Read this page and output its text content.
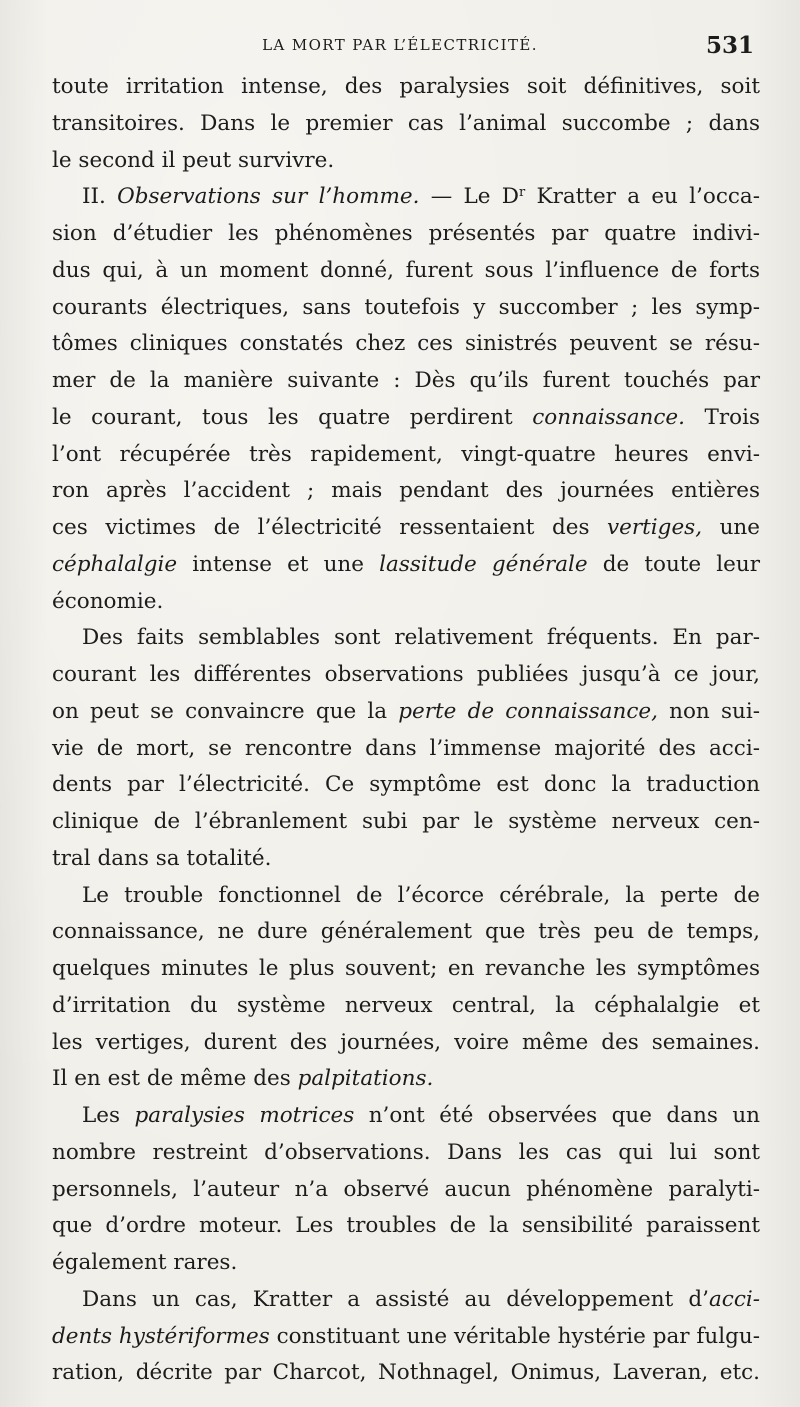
LA MORT PAR L’ÉLECTRICITÉ.	531
toute irritation intense, des paralysies soit définitives, soit
transitoires. Dans le premier cas l’animal succombe ; dans
le second il peut survivre.
II. Observations sur l’homme. — Le $D^r$ Kratter a eu l’occa-
sion d’étudier les phénomènes présentés par quatre indivi-
dus qui, à un moment donné, furent sous l’influence de forts
courants électriques, sans toutefois y succomber ; les symp-
tômes cliniques constatés chez ces sinistrés peuvent se résu-
mer de la manière suivante : Dès qu’ils furent touchés par
le courant, tous les quatre perdirent connaissance. Trois
l’ont récupérée très rapidement, vingt-quatre heures envi-
ron après l’accident ; mais pendant des journées entières
ces victimes de l’électricité ressentaient des vertiges, une
céphalalgie intense et une lassitude générale de toute leur
économie.
Des faits semblables sont relativement fréquents. En par-
courant les différentes observations publiées jusqu’à ce jour,
on peut se convaincre que la perte de connaissance, non sui-
vie de mort, se rencontre dans l’immense majorité des acci-
dents par l’électricité. Ce symptôme est donc la traduction
clinique de l’ébranlement subi par le système nerveux cen-
tral dans sa totalité.
Le trouble fonctionnel de l’écorce cérébrale, la perte de
connaissance, ne dure généralement que très peu de temps,
quelques minutes le plus souvent; en revanche les symptômes
d’irritation du système nerveux central, la céphalalgie et
les vertiges, durent des journées, voire même des semaines.
Il en est de même des palpitations.
Les paralysies motrices n’ont été observées que dans un
nombre restreint d’observations. Dans les cas qui lui sont
personnels, l’auteur n’a observé aucun phénomène paralyti-
que d’ordre moteur. Les troubles de la sensibilité paraissent
également rares.
Dans un cas, Kratter a assisté au développement d’acci-
dents hystériformes constituant une véritable hystérie par fulgu-
ration, décrite par Charcot, Nothnagel, Onimus, Laveran, etc.
